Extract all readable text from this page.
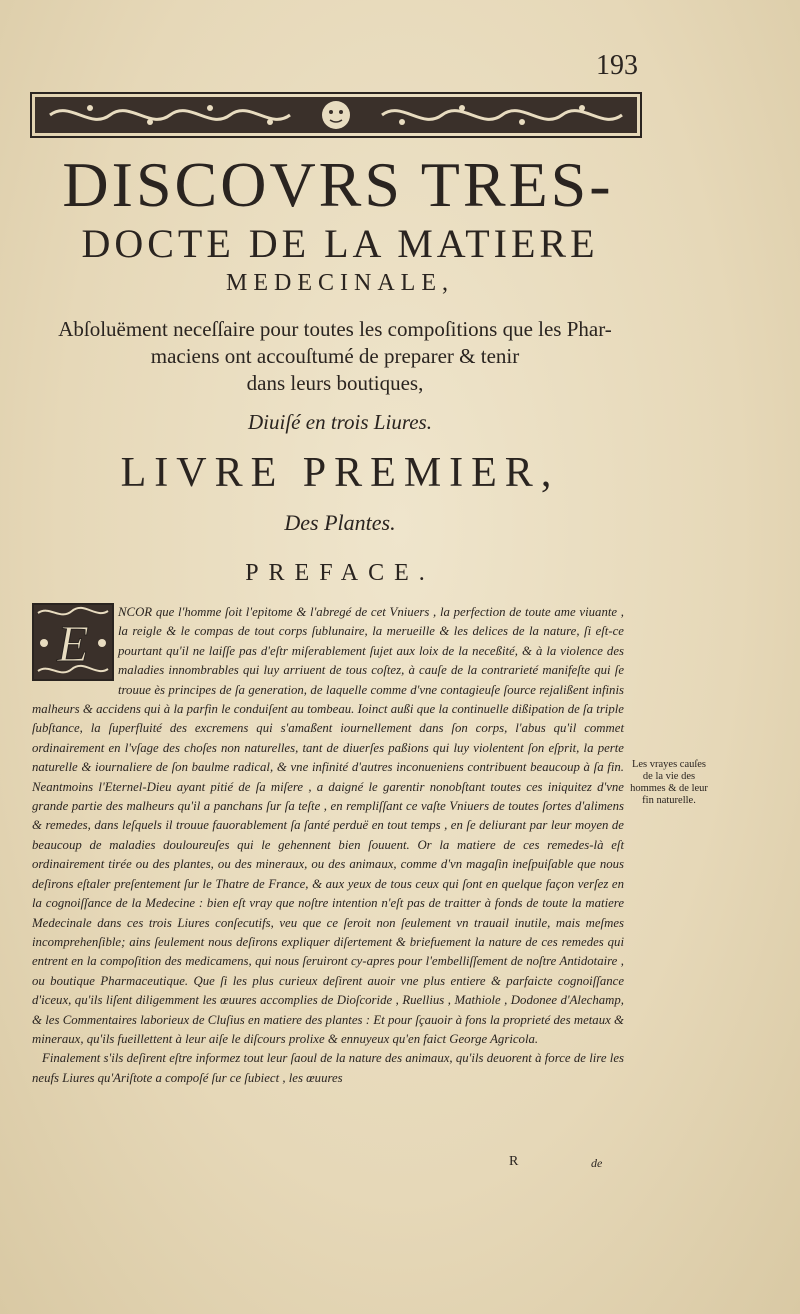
193
DISCOVRS TRES-
DOCTE DE LA MATIERE
MEDECINALE,
Abſoluëment neceſſaire pour toutes les compoſitions que les Phar-
maciens ont accouſtumé de preparer & tenir
dans leurs boutiques,
Diuiſé en trois Liures.
LIVRE PREMIER,
Des Plantes.
PREFACE.
E

NCOR que l'homme ſoit l'epitome & l'abregé de cet Vniuers , la perfection de toute ame viuante , la reigle & le compas de tout corps ſublunaire, la merueille & les delices de la nature, ſi eſt-ce pourtant qu'il ne laiſſe pas d'eſtr miſerablement ſujet aux loix de la neceßité, & à la violence des maladies innombrables qui luy arriuent de tous coſtez, à cauſe de la contrarieté manifeſte qui ſe trouue ès principes de ſa generation, de laquelle comme d'vne contagieuſe ſource rejalißent infinis malheurs & accidens qui à la parfin le conduiſent au tombeau. Ioinct außi que la continuelle dißipation de ſa triple ſubſtance, la ſuperfluité des excremens qui s'amaßent iournellement dans ſon corps, l'abus qu'il commet ordinairement en l'vſage des choſes non naturelles, tant de diuerſes paßions qui luy violentent ſon eſprit, la perte naturelle & iournaliere de ſon baulme radical, & vne infinité d'autres inconueniens contribuent beaucoup à ſa fin. Neantmoins l'Eternel-Dieu ayant pitié de ſa miſere , a daigné le garentir nonobſtant toutes ces iniquitez d'vne grande partie des malheurs qu'il a panchans ſur ſa teſte , en rempliſſant ce vaſte Vniuers de toutes ſortes d'alimens & remedes, dans leſquels il trouue fauorablement ſa ſanté perduë en tout temps , en ſe deliurant par leur moyen de beaucoup de maladies douloureuſes qui le gehennent bien ſouuent. Or la matiere de ces remedes-là eſt ordinairement tirée ou des plantes, ou des mineraux, ou des animaux, comme d'vn magaſin ineſpuiſable que nous deſirons eſtaler preſentement ſur le Thatre de France, & aux yeux de tous ceux qui ſont en quelque façon verſez en la cognoiſſance de la Medecine : bien eſt vray que noſtre intention n'eſt pas de traitter à fonds de toute la matiere Medecinale dans ces trois Liures conſecutifs, veu que ce ſeroit non ſeulement vn trauail inutile, mais meſmes incomprehenſible; ains ſeulement nous deſirons expliquer diſertement & briefuement la nature de ces remedes qui entrent en la compoſition des medicamens, qui nous ſeruiront cy-apres pour l'embelliſſement de noſtre Antidotaire , ou boutique Pharmaceutique. Que ſi les plus curieux deſirent auoir vne plus entiere & parfaicte cognoiſſance d'iceux, qu'ils liſent diligemment les œuures accomplies de Dioſcoride , Ruellius , Mathiole , Dodonee d'Alechamp, & les Commentaires laborieux de Cluſius en matiere des plantes : Et pour ſçauoir à fons la proprieté des metaux & mineraux, qu'ils fueillettent à leur aiſe le diſcours prolixe & ennuyeux qu'en faict George Agricola.

Finalement s'ils deſirent eſtre informez tout leur ſaoul de la nature des animaux, qu'ils deuorent à force de lire les neufs Liures qu'Ariſtote a compoſé ſur ce ſubiect , les œuures

Les vrayes cauſes de la vie des hommes & de leur fin naturelle.
R	de
